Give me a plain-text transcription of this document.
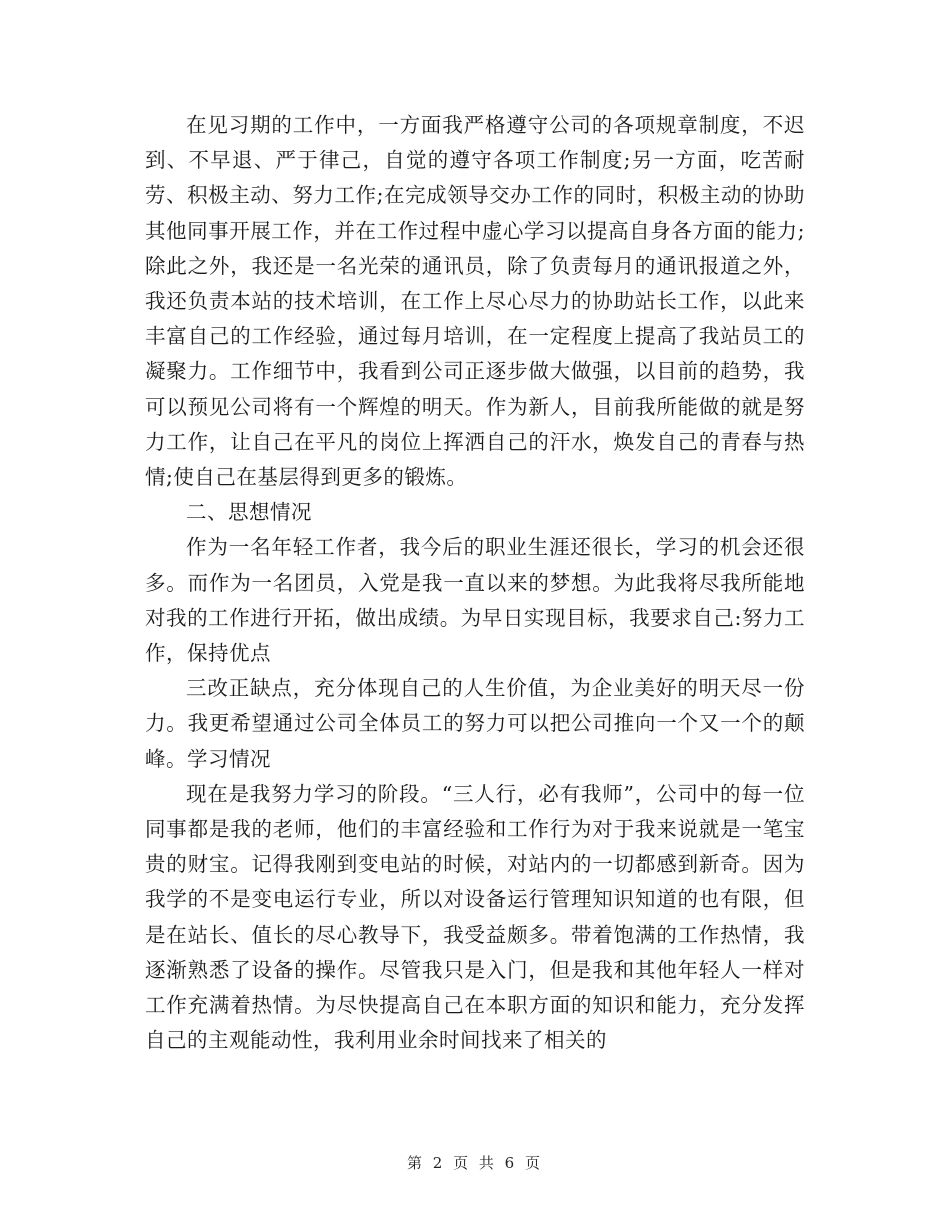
在见习期的工作中，一方面我严格遵守公司的各项规章制度，不迟到、不早退、严于律己，自觉的遵守各项工作制度;另一方面，吃苦耐劳、积极主动、努力工作;在完成领导交办工作的同时，积极主动的协助其他同事开展工作，并在工作过程中虚心学习以提高自身各方面的能力;除此之外，我还是一名光荣的通讯员，除了负责每月的通讯报道之外，我还负责本站的技术培训，在工作上尽心尽力的协助站长工作，以此来丰富自己的工作经验，通过每月培训，在一定程度上提高了我站员工的凝聚力。工作细节中，我看到公司正逐步做大做强，以目前的趋势，我可以预见公司将有一个辉煌的明天。作为新人，目前我所能做的就是努力工作，让自己在平凡的岗位上挥洒自己的汗水，焕发自己的青春与热情;使自己在基层得到更多的锻炼。

二、思想情况

作为一名年轻工作者，我今后的职业生涯还很长，学习的机会还很多。而作为一名团员，入党是我一直以来的梦想。为此我将尽我所能地对我的工作进行开拓，做出成绩。为早日实现目标，我要求自己:努力工作，保持优点

三改正缺点，充分体现自己的人生价值，为企业美好的明天尽一份力。我更希望通过公司全体员工的努力可以把公司推向一个又一个的颠峰。学习情况

现在是我努力学习的阶段。“三人行，必有我师”，公司中的每一位同事都是我的老师，他们的丰富经验和工作行为对于我来说就是一笔宝贵的财宝。记得我刚到变电站的时候，对站内的一切都感到新奇。因为我学的不是变电运行专业，所以对设备运行管理知识知道的也有限，但是在站长、值长的尽心教导下，我受益颇多。带着饱满的工作热情，我逐渐熟悉了设备的操作。尽管我只是入门，但是我和其他年轻人一样对工作充满着热情。为尽快提高自己在本职方面的知识和能力，充分发挥自己的主观能动性，我利用业余时间找来了相关的

第 2 页 共 6 页
